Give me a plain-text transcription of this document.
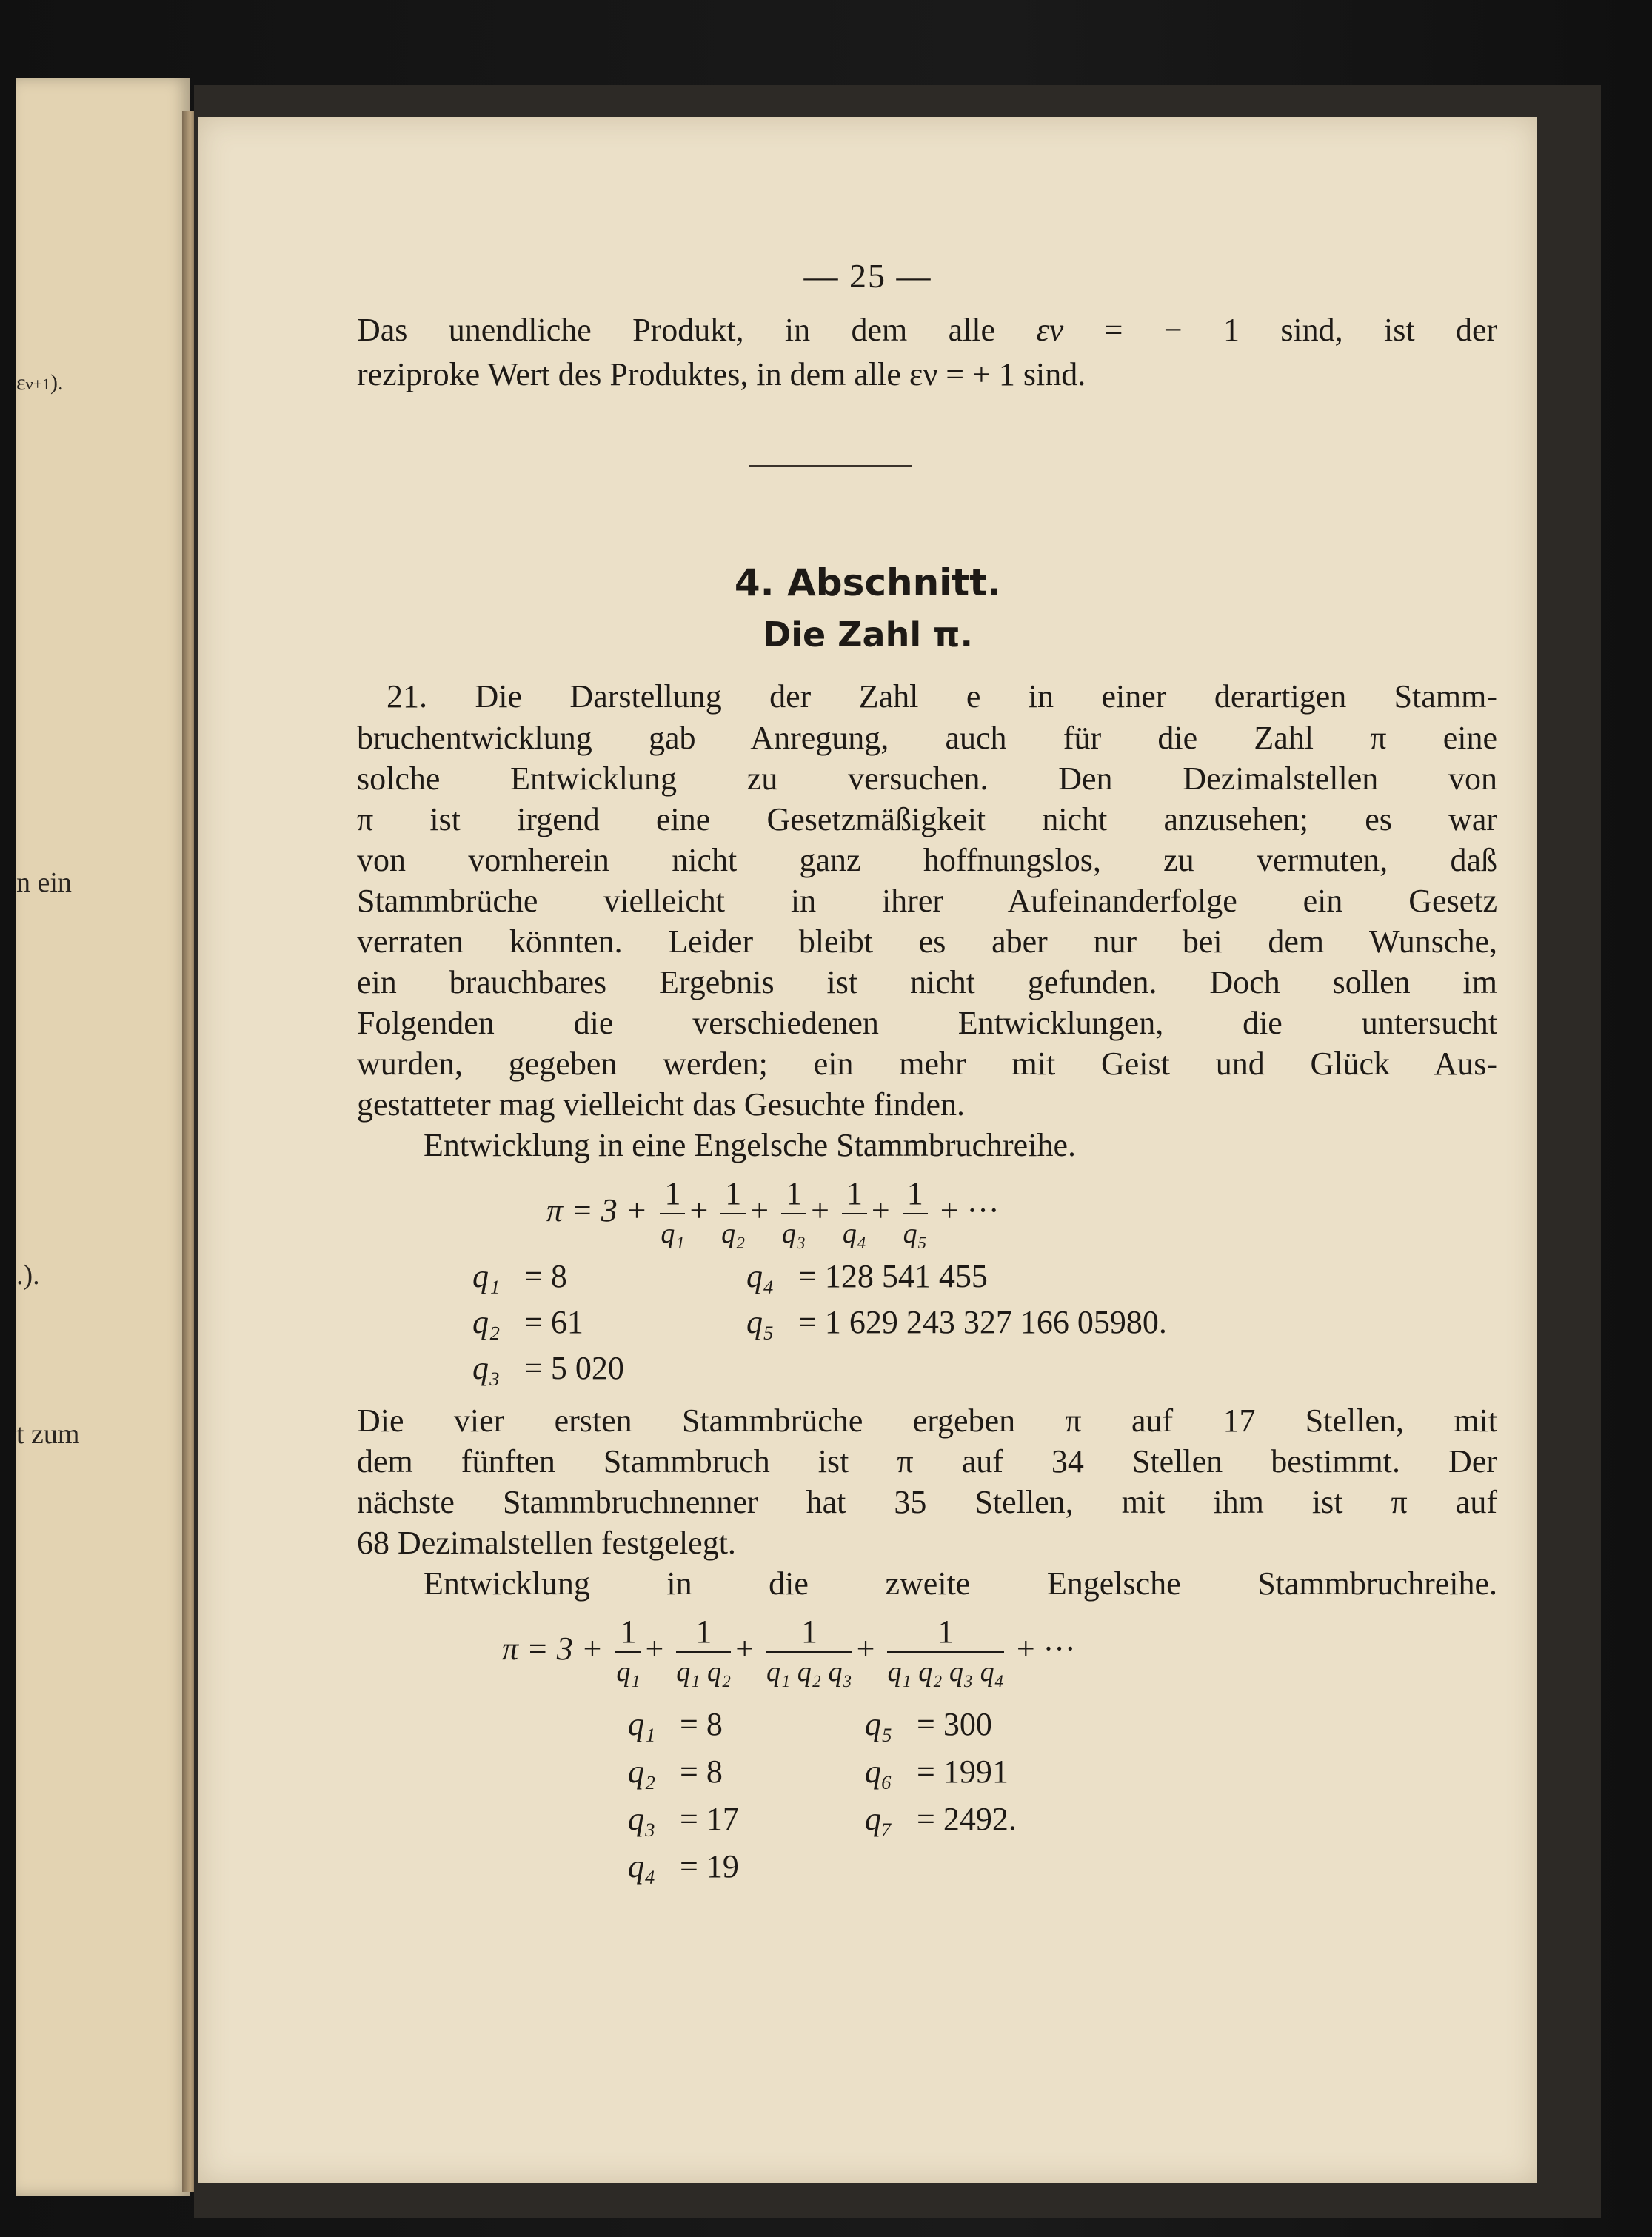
εν+1).
n ein
.).
t zum
— 25 —
Das unendliche Produkt, in dem alle εν = − 1 sind, ist der
reziproke Wert des Produktes, in dem alle εν = + 1 sind.
4. Abschnitt.
Die Zahl π.
21. Die Darstellung der Zahl e in einer derartigen Stamm-
bruchentwicklung gab Anregung, auch für die Zahl π eine
solche Entwicklung zu versuchen. Den Dezimalstellen von
π ist irgend eine Gesetzmäßigkeit nicht anzusehen; es war
von vornherein nicht ganz hoffnungslos, zu vermuten, daß
Stammbrüche vielleicht in ihrer Aufeinanderfolge ein Gesetz
verraten könnten. Leider bleibt es aber nur bei dem Wunsche,
ein brauchbares Ergebnis ist nicht gefunden. Doch sollen im
Folgenden die verschiedenen Entwicklungen, die untersucht
wurden, gegeben werden; ein mehr mit Geist und Glück Aus-
gestatteter mag vielleicht das Gesuchte finden.
Entwicklung in eine Engelsche Stammbruchreihe.
$\pi = 3 + \frac{1}{\text{q₁}} + \frac{1}{\text{q₂}} + \frac{1}{\text{q₃}} + \frac{1}{\text{q₄}} + \frac{1}{\text{q₅}}$ + ···
q₁ = 8
q₂ = 61
q₃ = 5 020
q₄ = 128 541 455
q₅ = 1 629 243 327 166 05980.
Die vier ersten Stammbrüche ergeben π auf 17 Stellen, mit
dem fünften Stammbruch ist π auf 34 Stellen bestimmt. Der
nächste Stammbruchnenner hat 35 Stellen, mit ihm ist π auf
68 Dezimalstellen festgelegt.
Entwicklung in die zweite Engelsche Stammbruchreihe.
$\pi = 3 + \frac{1}{\text{q₁}} + \frac{1}{\text{q₁ q₂}} + \frac{1}{\text{q₁ q₂ q₃}} + \frac{1}{\text{q₁ q₂ q₃ q₄}}$ + ···
q₁ = 8
q₂ = 8
q₃ = 17
q₄ = 19
q₅ = 300
q₆ = 1991
q₇ = 2492.
